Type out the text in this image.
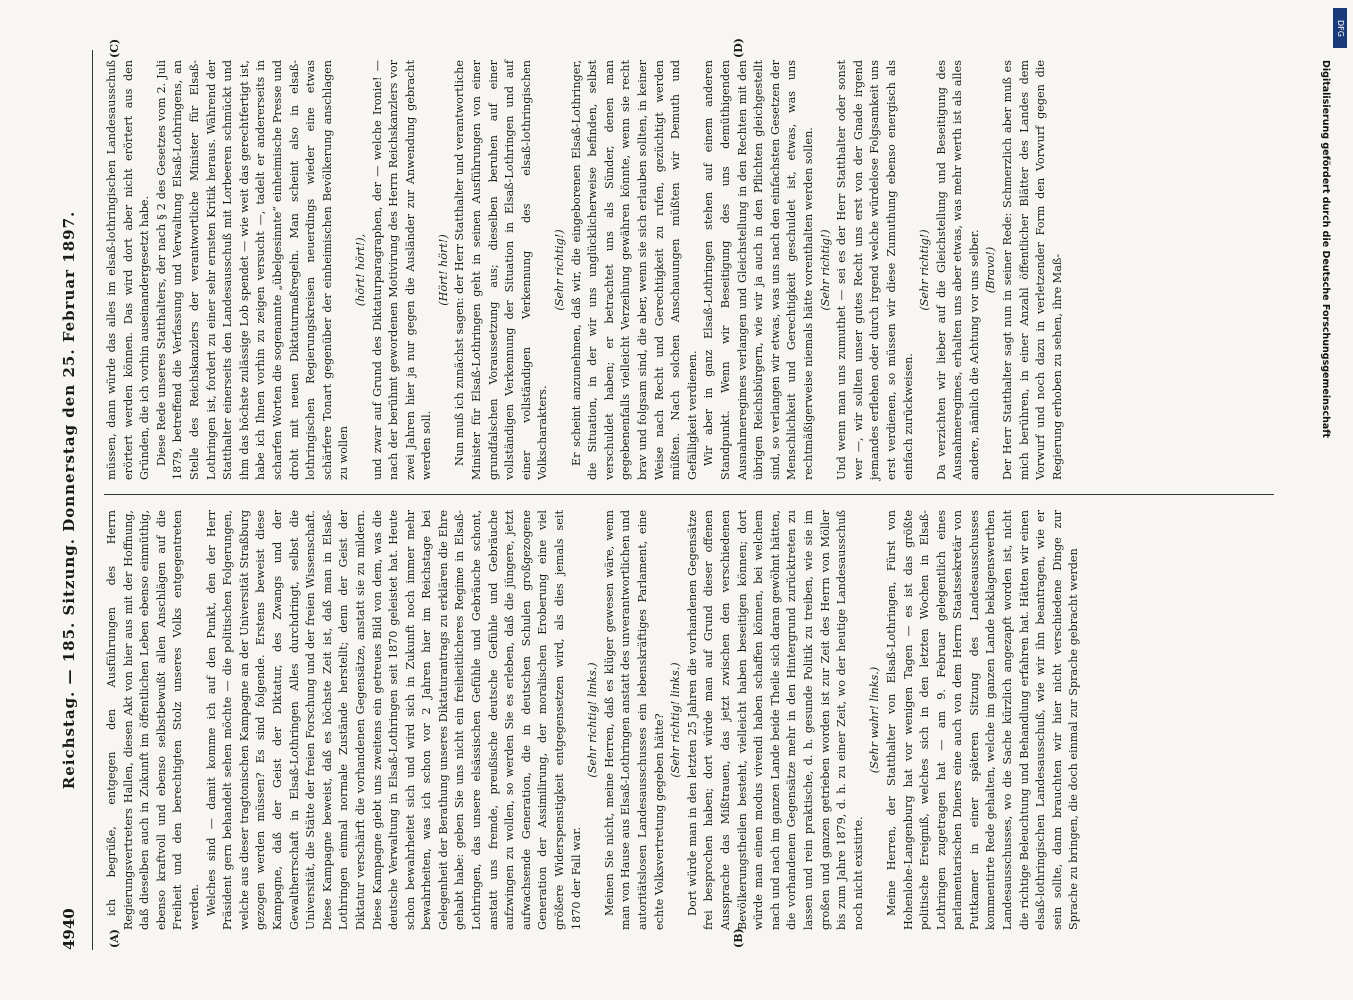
4940
Reichstag. — 185. Sitzung. Donnerstag den 25. Februar 1897.
(A)	(B)
(C)	(D)

ich begrüße, entgegen den Ausführungen des Herrn Regierungsvertreters Hallen, diesen Akt von hier aus mit der Hoffnung, daß dieselben auch in Zukunft im öffentlichen Leben ebenso einmüthig, ebenso kraftvoll und ebenso selbstbewußt allen Anschlägen auf die Freiheit und den berechtigten Stolz unseres Volks entgegentreten werden. Welches sind — damit komme ich auf den Punkt, den der Herr Präsident gern behandelt sehen möchte — die politischen Folgerungen, welche aus dieser tragtonischen Kampagne an der Universität Straßburg gezogen werden müssen? Es sind folgende. Erstens beweist diese Kampagne, daß der Geist der Diktatur, des Zwangs und der Gewaltherrschaft in Elsaß-Lothringen Alles durchdringt, selbst die Universität, die Stätte der freien Forschung und der freien Wissenschaft. Diese Kampagne beweist, daß es höchste Zeit ist, daß man in Elsaß-Lothringen einmal normale Zustände herstellt; denn der Geist der Diktatur verschärft die vorhandenen Gegensätze, anstatt sie zu mildern. Diese Kampagne giebt uns zweitens ein getreues Bild von dem, was die deutsche Verwaltung in Elsaß-Lothringen seit 1870 geleistet hat. Heute schon bewahrheitet sich und wird sich in Zukunft noch immer mehr bewahrheiten, was ich schon vor 2 Jahren hier im Reichstage bei Gelegenheit der Berathung unseres Diktaturantrags zu erklären die Ehre gehabt habe: geben Sie uns nicht ein freiheitlicheres Regime in Elsaß-Lothringen, das unsere elsässischen Gefühle und Gebräuche schont, anstatt uns fremde, preußische deutsche Gefühle und Gebräuche aufzwingen zu wollen, so werden Sie es erleben, daß die jüngere, jetzt aufwachsende Generation, die in deutschen Schulen großgezogene Generation der Assimilirung, der moralischen Eroberung eine viel größere Widerspenstigkeit entgegensetzen wird, als dies jemals seit 1870 der Fall war.

(Sehr richtig! links.) Meinen Sie nicht, meine Herren, daß es klüger gewesen wäre, wenn man von Hause aus Elsaß-Lothringen anstatt des unverantwortlichen und autoritätslosen Landesausschusses ein lebenskräftiges Parlament, eine echte Volksvertretung gegeben hätte? (Sehr richtig! links.) Dort würde man in den letzten 25 Jahren die vorhandenen Gegensätze frei besprochen haben; dort würde man auf Grund dieser offenen Aussprache das Mißtrauen, das jetzt zwischen den verschiedenen Bevölkerungstheilen besteht, vielleicht haben beseitigen können; dort würde man einen modus vivendi haben schaffen können, bei welchem nach und nach im ganzen Lande beide Theile sich daran gewöhnt hätten, die vorhandenen Gegensätze mehr in den Hintergrund zurücktreten zu lassen und rein praktische, d. h. gesunde Politik zu treiben, wie sie im großen und ganzen getrieben worden ist zur Zeit des Herrn von Möller bis zum Jahre 1879, d. h. zu einer Zeit, wo der heutige Landesausschuß noch nicht existirte.

(Sehr wahr! links.) Meine Herren, der Statthalter von Elsaß-Lothringen, Fürst von Hohenlohe-Langenburg hat vor wenigen Tagen — es ist das größte politische Ereigniß, welches sich in den letzten Wochen in Elsaß-Lothringen zugetragen hat — am 9. Februar gelegentlich eines parlamentarischen Diners eine auch von dem Herrn Staatssekretär von Puttkamer in einer späteren Sitzung des Landesausschusses kommentirte Rede gehalten, welche im ganzen Lande beklagenswerthen Landesausschusses, wo die Sache kürzlich angezapft worden ist, nicht die richtige Beleuchtung und Behandlung erfahren hat. Hätten wir einen elsaß-lothringischen Landesausschuß, wie wir ihn beantragen, wie er sein sollte, dann brauchten wir hier nicht verschiedene Dinge zur Sprache zu bringen, die doch einmal zur Sprache gebracht werden

müssen, dann würde das alles im elsaß-lothringischen Landesausschuß erörtert werden können. Das wird dort aber nicht erörtert aus den Gründen, die ich vorhin auseinandergesetzt habe. Diese Rede unseres Statthalters, der nach § 2 des Gesetzes vom 2. Juli 1879, betreffend die Verfassung und Verwaltung Elsaß-Lothringens, an Stelle des Reichskanzlers der verantwortliche Minister für Elsaß-Lothringen ist, fordert zu einer sehr ernsten Kritik heraus. Während der Statthalter einerseits den Landesausschuß mit Lorbeeren schmückt und ihm das höchste zulässige Lob spendet — wie weit das gerechtfertigt ist, habe ich Ihnen vorhin zu zeigen versucht —, tadelt er andererseits in scharfen Worten die sogenannte „übelgesinnte“ einheimische Presse und droht mit neuen Diktaturmaßregeln. Man scheint also in elsaß-lothringischen Regierungskreisen neuerdings wieder eine etwas schärfere Tonart gegenüber der einheimischen Bevölkerung anschlagen zu wollen

(hört! hört!), und zwar auf Grund des Diktaturparagraphen, der — welche Ironie! — nach der berühmt gewordenen Motivirung des Herrn Reichskanzlers vor zwei Jahren hier ja nur gegen die Ausländer zur Anwendung gebracht werden soll.

(Hört! hört!) Nun muß ich zunächst sagen: der Herr Statthalter und verantwortliche Minister für Elsaß-Lothringen geht in seinen Ausführungen von einer grundfalschen Voraussetzung aus; dieselben beruhen auf einer vollständigen Verkennung der Situation in Elsaß-Lothringen und auf einer vollständigen Verkennung des elsaß-lothringischen Volkscharakters.

(Sehr richtig!) Er scheint anzunehmen, daß wir, die eingeborenen Elsaß-Lothringer, die Situation, in der wir uns unglücklicherweise befinden, selbst verschuldet haben; er betrachtet uns als Sünder, denen man gegebenenfalls vielleicht Verzeihung gewähren könnte, wenn sie recht brav und folgsam sind, die aber, wenn sie sich erlauben sollten, in keiner Weise nach Recht und Gerechtigkeit zu rufen, gezüchtigt werden müßten. Nach solchen Anschauungen müßten wir Demuth und Gefälligkeit verdienen. Wir aber in ganz Elsaß-Lothringen stehen auf einem anderen Standpunkt. Wenn wir Beseitigung des uns demüthigenden Ausnahmeregimes verlangen und Gleichstellung in den Rechten mit den übrigen Reichsbürgern, wie wir ja auch in den Pflichten gleichgestellt sind, so verlangen wir etwas, was uns nach den einfachsten Gesetzen der Menschlichkeit und Gerechtigkeit geschuldet ist, etwas, was uns rechtmäßigerweise niemals hätte vorenthalten werden sollen. (Sehr richtig!) Und wenn man uns zumuthet — sei es der Herr Statthalter oder sonst wer —, wir sollten unser gutes Recht uns erst von der Gnade irgend jemandes erflehen oder durch irgend welche würdelose Folgsamkeit uns erst verdienen, so müssen wir diese Zumuthung ebenso energisch als einfach zurückweisen.

(Sehr richtig!) Da verzichten wir lieber auf die Gleichstellung und Beseitigung des Ausnahmeregimes, erhalten uns aber etwas, was mehr werth ist als alles andere, nämlich die Achtung vor uns selber. (Bravo!) Der Herr Statthalter sagt nun in seiner Rede: Schmerzlich aber muß es mich berühren, in einer Anzahl öffentlicher Blätter des Landes dem Vorwurf und noch dazu in verletzender Form den Vorwurf gegen die Regierung erhoben zu sehen, ihre Maß-	Digitalisierung gefördert durch die Deutsche Forschungsgemeinschaft
DFG
